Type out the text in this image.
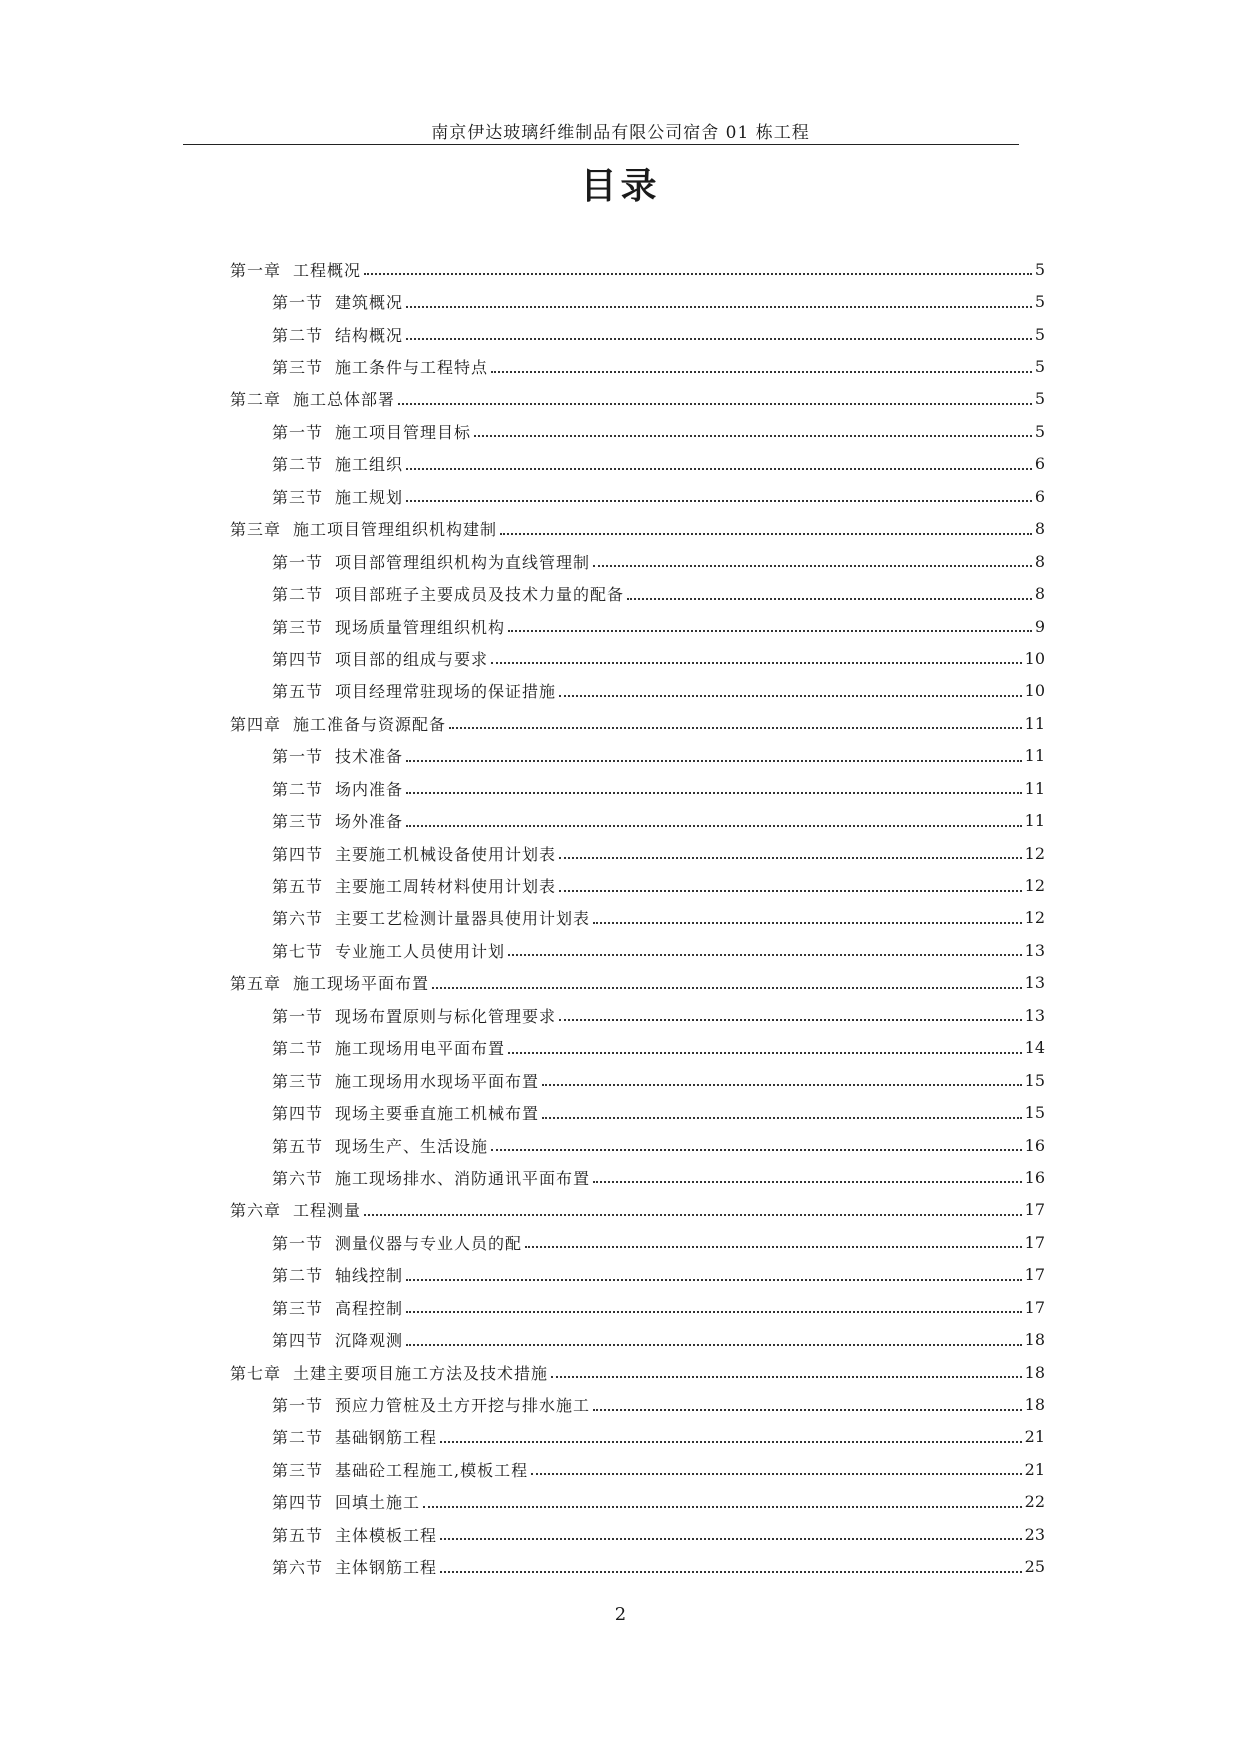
南京伊达玻璃纤维制品有限公司宿舍 01 栋工程
目录
第一章 工程概况	5
第一节 建筑概况	5
第二节 结构概况	5
第三节 施工条件与工程特点	5
第二章 施工总体部署	5
第一节 施工项目管理目标	5
第二节 施工组织	6
第三节 施工规划	6
第三章 施工项目管理组织机构建制	8
第一节 项目部管理组织机构为直线管理制	8
第二节 项目部班子主要成员及技术力量的配备	8
第三节 现场质量管理组织机构	9
第四节 项目部的组成与要求	10
第五节 项目经理常驻现场的保证措施	10
第四章 施工准备与资源配备	11
第一节 技术准备	11
第二节 场内准备	11
第三节 场外准备	11
第四节 主要施工机械设备使用计划表	12
第五节 主要施工周转材料使用计划表	12
第六节 主要工艺检测计量器具使用计划表	12
第七节 专业施工人员使用计划	13
第五章 施工现场平面布置	13
第一节 现场布置原则与标化管理要求	13
第二节 施工现场用电平面布置	14
第三节 施工现场用水现场平面布置	15
第四节 现场主要垂直施工机械布置	15
第五节 现场生产、生活设施	16
第六节 施工现场排水、消防通讯平面布置	16
第六章 工程测量	17
第一节 测量仪器与专业人员的配	17
第二节 轴线控制	17
第三节 高程控制	17
第四节 沉降观测	18
第七章 土建主要项目施工方法及技术措施	18
第一节 预应力管桩及土方开挖与排水施工	18
第二节 基础钢筋工程	21
第三节 基础砼工程施工,模板工程	21
第四节 回填土施工	22
第五节 主体模板工程	23
第六节 主体钢筋工程	25
2
